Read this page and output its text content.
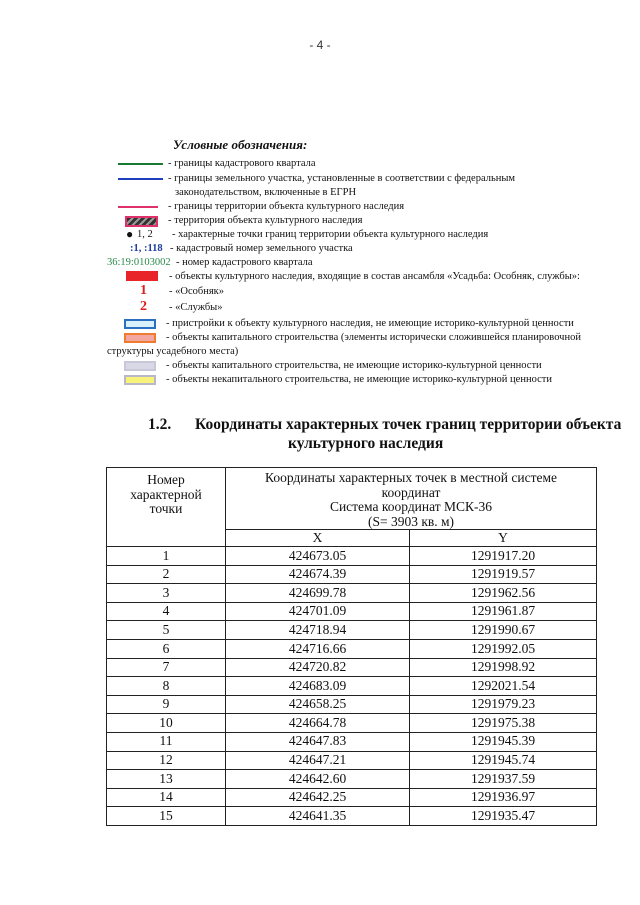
- 4 -
Условные обозначения:
- границы кадастрового квартала
- границы земельного участка, установленные в соответствии с федеральным
законодательством, включенные в ЕГРН
- границы территории объекта культурного наследия
- территория объекта культурного наследия
● 1, 2 - характерные точки границ территории объекта культурного наследия
:1, :118 - кадастровый номер земельного участка
36:19:0103002 - номер кадастрового квартала
- объекты культурного наследия, входящие в состав ансамбля «Усадьба: Особняк, службы»:
1 - «Особняк»
2 - «Службы»
- пристройки к объекту культурного наследия, не имеющие историко-культурной ценности
- объекты капитального строительства (элементы исторически сложившейся планировочной
структуры усадебного места)
- объекты капитального строительства, не имеющие историко-культурной ценности
- объекты некапитального строительства, не имеющие историко-культурной ценности
1.2. Координаты характерных точек границ территории объекта
культурного наследия
Номер
характерной
точки

Координаты характерных точек в местной системе
координат
Система координат МСК-36
(S= 3903 кв. м)

	X	Y
1	424673.05	1291917.20
2	424674.39	1291919.57
3	424699.78	1291962.56
4	424701.09	1291961.87
5	424718.94	1291990.67
6	424716.66	1291992.05
7	424720.82	1291998.92
8	424683.09	1292021.54
9	424658.25	1291979.23
10	424664.78	1291975.38
11	424647.83	1291945.39
12	424647.21	1291945.74
13	424642.60	1291937.59
14	424642.25	1291936.97
15	424641.35	1291935.47
